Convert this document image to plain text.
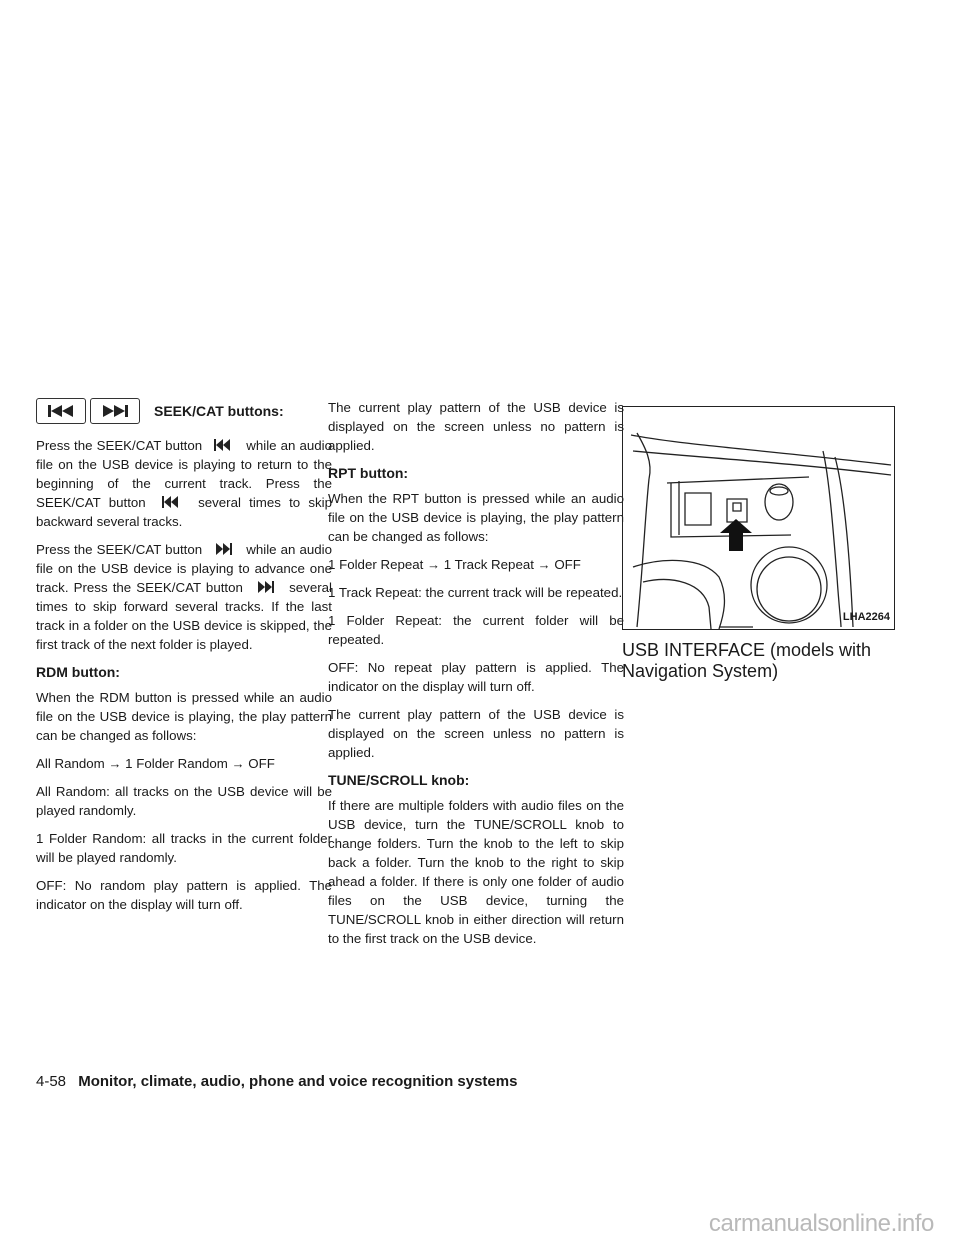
SEEK/CAT buttons:

Press the SEEK/CAT button	while an audio file on the USB device is playing to return to the beginning of the current track. Press the SEEK/CAT button	several times to skip backward several tracks.

Press the SEEK/CAT button	while an audio file on the USB device is playing to advance one track. Press the SEEK/CAT button	several times to skip forward several tracks. If the last track in a folder on the USB device is skipped, the first track of the next folder is played.

RDM button:

When the RDM button is pressed while an audio file on the USB device is playing, the play pattern can be changed as follows:

All Random → 1 Folder Random → OFF

All Random: all tracks on the USB device will be played randomly.

1 Folder Random: all tracks in the current folder will be played randomly.

OFF: No random play pattern is applied. The indicator on the display will turn off.

The current play pattern of the USB device is displayed on the screen unless no pattern is applied.

RPT button:

When the RPT button is pressed while an audio file on the USB device is playing, the play pattern can be changed as follows:

1 Folder Repeat → 1 Track Repeat → OFF

1 Track Repeat: the current track will be repeated.

1 Folder Repeat: the current folder will be repeated.

OFF: No repeat play pattern is applied. The indicator on the display will turn off.

The current play pattern of the USB device is displayed on the screen unless no pattern is applied.

TUNE/SCROLL knob:

If there are multiple folders with audio files on the USB device, turn the TUNE/SCROLL knob to change folders. Turn the knob to the left to skip back a folder. Turn the knob to the right to skip ahead a folder. If there is only one folder of audio files on the USB device, turning the TUNE/SCROLL knob in either direction will return to the first track on the USB device.

LHA2264
USB INTERFACE (models with Navigation System)
4-58 Monitor, climate, audio, phone and voice recognition systems
carmanualsonline.info
